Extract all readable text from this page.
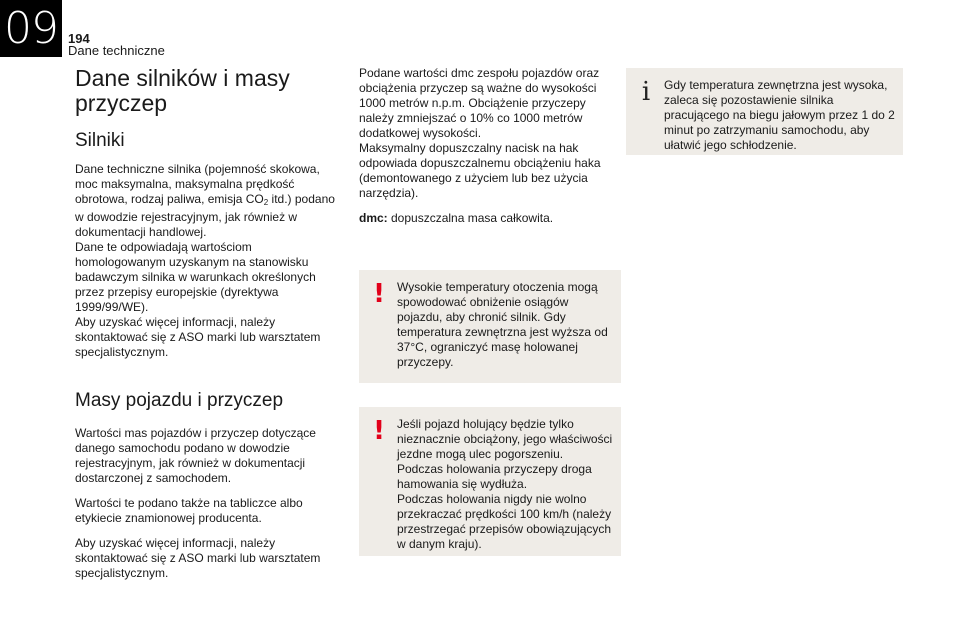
09 194
Dane techniczne
Dane silników i masy przyczep
Silniki

Dane techniczne silnika (pojemność skokowa, moc maksymalna, maksymalna prędkość obrotowa, rodzaj paliwa, emisja CO2 itd.) podano w dowodzie rejestracyjnym, jak również w dokumentacji handlowej.

Dane te odpowiadają wartościom homologowanym uzyskanym na stanowisku badawczym silnika w warunkach określonych przez przepisy europejskie (dyrektywa 1999/99/WE).

Aby uzyskać więcej informacji, należy skontaktować się z ASO marki lub warsztatem specjalistycznym.

Masy pojazdu i przyczep

Wartości mas pojazdów i przyczep dotyczące danego samochodu podano w dowodzie rejestracyjnym, jak również w dokumentacji dostarczonej z samochodem.

Wartości te podano także na tabliczce albo etykiecie znamionowej producenta.

Aby uzyskać więcej informacji, należy skontaktować się z ASO marki lub warsztatem specjalistycznym.

Podane wartości dmc zespołu pojazdów oraz obciążenia przyczep są ważne do wysokości 1000 metrów n.p.m. Obciążenie przyczepy należy zmniejszać o 10% co 1000 metrów dodatkowej wysokości.

Maksymalny dopuszczalny nacisk na hak odpowiada dopuszczalnemu obciążeniu haka (demontowanego z użyciem lub bez użycia narzędzia).

dmc: dopuszczalna masa całkowita.

!	Wysokie temperatury otoczenia mogą spowodować obniżenie osiągów pojazdu, aby chronić silnik. Gdy temperatura zewnętrzna jest wyższa od 37°C, ograniczyć masę holowanej przyczepy.

!	Jeśli pojazd holujący będzie tylko nieznacznie obciążony, jego właściwości jezdne mogą ulec pogorszeniu.

Podczas holowania przyczepy droga hamowania się wydłuża.

Podczas holowania nigdy nie wolno przekraczać prędkości 100 km/h (należy przestrzegać przepisów obowiązujących w danym kraju).

i	Gdy temperatura zewnętrzna jest wysoka, zaleca się pozostawienie silnika pracującego na biegu jałowym przez 1 do 2 minut po zatrzymaniu samochodu, aby ułatwić jego schłodzenie.
